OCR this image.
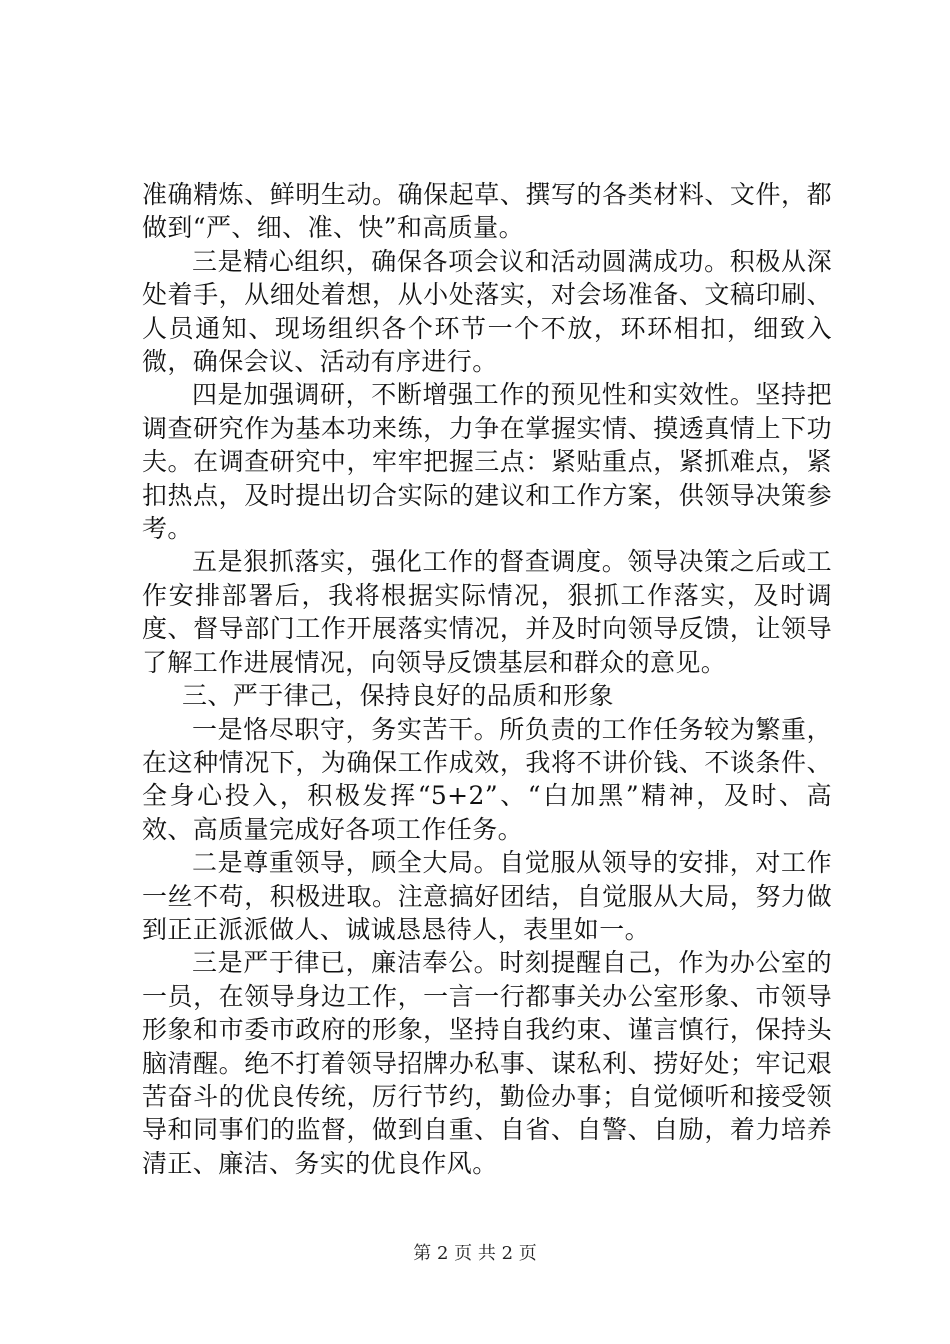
准确精炼、鲜明生动。确保起草、撰写的各类材料、文件，都做到“严、细、准、快”和高质量。

三是精心组织，确保各项会议和活动圆满成功。积极从深处着手，从细处着想，从小处落实，对会场准备、文稿印刷、人员通知、现场组织各个环节一个不放，环环相扣，细致入微，确保会议、活动有序进行。

四是加强调研，不断增强工作的预见性和实效性。坚持把调查研究作为基本功来练，力争在掌握实情、摸透真情上下功夫。在调查研究中，牢牢把握三点：紧贴重点，紧抓难点，紧扣热点，及时提出切合实际的建议和工作方案，供领导决策参考。

五是狠抓落实，强化工作的督查调度。领导决策之后或工作安排部署后，我将根据实际情况，狠抓工作落实，及时调度、督导部门工作开展落实情况，并及时向领导反馈，让领导了解工作进展情况，向领导反馈基层和群众的意见。

三、严于律己，保持良好的品质和形象

一是恪尽职守，务实苦干。所负责的工作任务较为繁重，在这种情况下，为确保工作成效，我将不讲价钱、不谈条件、全身心投入，积极发挥“5+2”、“白加黑”精神，及时、高效、高质量完成好各项工作任务。

二是尊重领导，顾全大局。自觉服从领导的安排，对工作一丝不苟，积极进取。注意搞好团结，自觉服从大局，努力做到正正派派做人、诚诚恳恳待人，表里如一。

三是严于律已，廉洁奉公。时刻提醒自己，作为办公室的一员，在领导身边工作，一言一行都事关办公室形象、市领导形象和市委市政府的形象，坚持自我约束、谨言慎行，保持头脑清醒。绝不打着领导招牌办私事、谋私利、捞好处；牢记艰苦奋斗的优良传统，厉行节约，勤俭办事；自觉倾听和接受领导和同事们的监督，做到自重、自省、自警、自励，着力培养清正、廉洁、务实的优良作风。

第 2 页 共 2 页
